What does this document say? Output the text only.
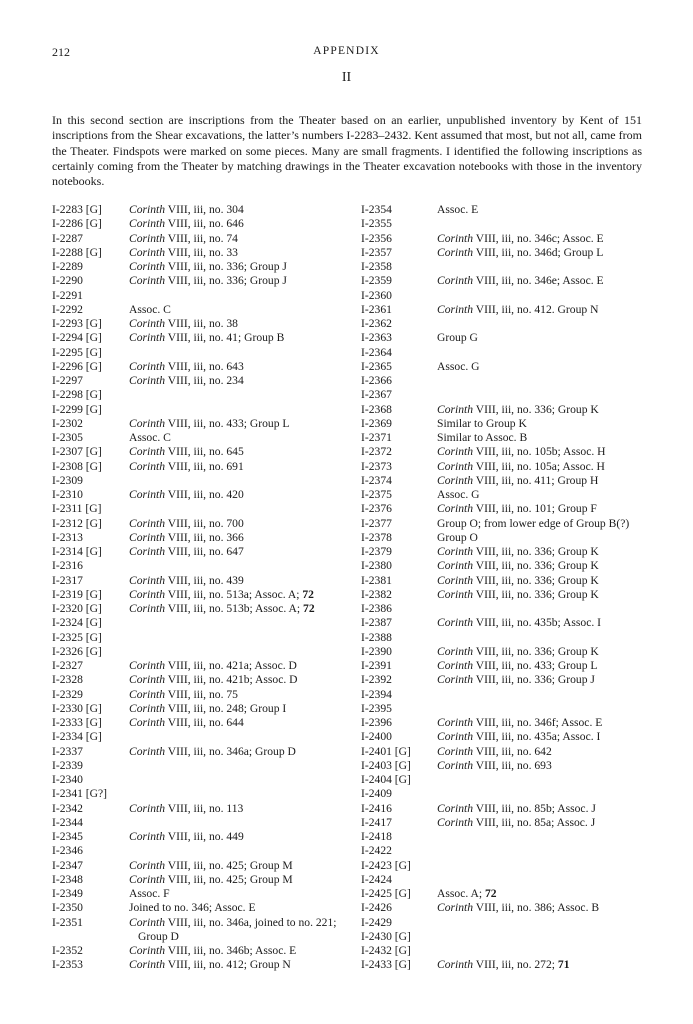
212	APPENDIX
II

In this second section are inscriptions from the Theater based on an earlier, unpublished inventory by Kent of 151 inscriptions from the Shear excavations, the latter’s numbers I-2283–2432. Kent assumed that most, but not all, came from the Theater. Findspots were marked on some pieces. Many are small fragments. I identified the following inscriptions as certainly coming from the Theater by matching drawings in the Theater excavation notebooks with those in the inventory notebooks.

I-2283 [G]	Corinth VIII, iii, no. 304
I-2286 [G]	Corinth VIII, iii, no. 646
I-2287	Corinth VIII, iii, no. 74
I-2288 [G]	Corinth VIII, iii, no. 33
I-2289	Corinth VIII, iii, no. 336; Group J
I-2290	Corinth VIII, iii, no. 336; Group J
I-2291
I-2292	Assoc. C
I-2293 [G]	Corinth VIII, iii, no. 38
I-2294 [G]	Corinth VIII, iii, no. 41; Group B
I-2295 [G]
I-2296 [G]	Corinth VIII, iii, no. 643
I-2297	Corinth VIII, iii, no. 234
I-2298 [G]
I-2299 [G]
I-2302	Corinth VIII, iii, no. 433; Group L
I-2305	Assoc. C
I-2307 [G]	Corinth VIII, iii, no. 645
I-2308 [G]	Corinth VIII, iii, no. 691
I-2309
I-2310	Corinth VIII, iii, no. 420
I-2311 [G]
I-2312 [G]	Corinth VIII, iii, no. 700
I-2313	Corinth VIII, iii, no. 366
I-2314 [G]	Corinth VIII, iii, no. 647
I-2316
I-2317	Corinth VIII, iii, no. 439
I-2319 [G]	Corinth VIII, iii, no. 513a; Assoc. A; 72
I-2320 [G]	Corinth VIII, iii, no. 513b; Assoc. A; 72
I-2324 [G]
I-2325 [G]
I-2326 [G]
I-2327	Corinth VIII, iii, no. 421a; Assoc. D
I-2328	Corinth VIII, iii, no. 421b; Assoc. D
I-2329	Corinth VIII, iii, no. 75
I-2330 [G]	Corinth VIII, iii, no. 248; Group I
I-2333 [G]	Corinth VIII, iii, no. 644
I-2334 [G]
I-2337	Corinth VIII, iii, no. 346a; Group D
I-2339
I-2340
I-2341 [G?]
I-2342	Corinth VIII, iii, no. 113
I-2344
I-2345	Corinth VIII, iii, no. 449
I-2346
I-2347	Corinth VIII, iii, no. 425; Group M
I-2348	Corinth VIII, iii, no. 425; Group M
I-2349	Assoc. F
I-2350	Joined to no. 346; Assoc. E
I-2351	Corinth VIII, iii, no. 346a, joined to no. 221;
Group D
I-2352	Corinth VIII, iii, no. 346b; Assoc. E
I-2353	Corinth VIII, iii, no. 412; Group N
I-2354	Assoc. E
I-2355
I-2356	Corinth VIII, iii, no. 346c; Assoc. E
I-2357	Corinth VIII, iii, no. 346d; Group L
I-2358
I-2359	Corinth VIII, iii, no. 346e; Assoc. E
I-2360
I-2361	Corinth VIII, iii, no. 412. Group N
I-2362
I-2363	Group G
I-2364
I-2365	Assoc. G
I-2366
I-2367
I-2368	Corinth VIII, iii, no. 336; Group K
I-2369	Similar to Group K
I-2371	Similar to Assoc. B
I-2372	Corinth VIII, iii, no. 105b; Assoc. H
I-2373	Corinth VIII, iii, no. 105a; Assoc. H
I-2374	Corinth VIII, iii, no. 411; Group H
I-2375	Assoc. G
I-2376	Corinth VIII, iii, no. 101; Group F
I-2377	Group O; from lower edge of Group B(?)
I-2378	Group O
I-2379	Corinth VIII, iii, no. 336; Group K
I-2380	Corinth VIII, iii, no. 336; Group K
I-2381	Corinth VIII, iii, no. 336; Group K
I-2382	Corinth VIII, iii, no. 336; Group K
I-2386
I-2387	Corinth VIII, iii, no. 435b; Assoc. I
I-2388
I-2390	Corinth VIII, iii, no. 336; Group K
I-2391	Corinth VIII, iii, no. 433; Group L
I-2392	Corinth VIII, iii, no. 336; Group J
I-2394
I-2395
I-2396	Corinth VIII, iii, no. 346f; Assoc. E
I-2400	Corinth VIII, iii, no. 435a; Assoc. I
I-2401 [G]	Corinth VIII, iii, no. 642
I-2403 [G]	Corinth VIII, iii, no. 693
I-2404 [G]
I-2409
I-2416	Corinth VIII, iii, no. 85b; Assoc. J
I-2417	Corinth VIII, iii, no. 85a; Assoc. J
I-2418
I-2422
I-2423 [G]
I-2424
I-2425 [G]	Assoc. A; 72
I-2426	Corinth VIII, iii, no. 386; Assoc. B
I-2429
I-2430 [G]
I-2432 [G]
I-2433 [G]	Corinth VIII, iii, no. 272; 71
